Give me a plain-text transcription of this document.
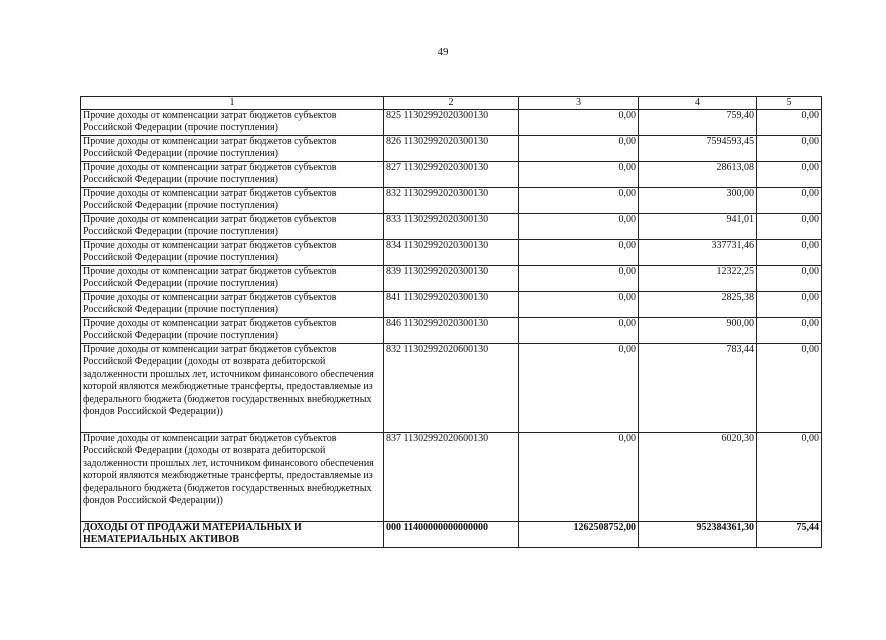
49
1	2	3	4	5
Прочие доходы от компенсации затрат бюджетов субъектов Российской Федерации (прочие поступления)	825 11302992020300130	0,00	759,40	0,00
Прочие доходы от компенсации затрат бюджетов субъектов Российской Федерации (прочие поступления)	826 11302992020300130	0,00	7594593,45	0,00
Прочие доходы от компенсации затрат бюджетов субъектов Российской Федерации (прочие поступления)	827 11302992020300130	0,00	28613,08	0,00
Прочие доходы от компенсации затрат бюджетов субъектов Российской Федерации (прочие поступления)	832 11302992020300130	0,00	300,00	0,00
Прочие доходы от компенсации затрат бюджетов субъектов Российской Федерации (прочие поступления)	833 11302992020300130	0,00	941,01	0,00
Прочие доходы от компенсации затрат бюджетов субъектов Российской Федерации (прочие поступления)	834 11302992020300130	0,00	337731,46	0,00
Прочие доходы от компенсации затрат бюджетов субъектов Российской Федерации (прочие поступления)	839 11302992020300130	0,00	12322,25	0,00
Прочие доходы от компенсации затрат бюджетов субъектов Российской Федерации (прочие поступления)	841 11302992020300130	0,00	2825,38	0,00
Прочие доходы от компенсации затрат бюджетов субъектов Российской Федерации (прочие поступления)	846 11302992020300130	0,00	900,00	0,00
Прочие доходы от компенсации затрат бюджетов субъектов Российской Федерации (доходы от возврата дебиторской задолженности прошлых лет, источником финансового обеспечения которой являются межбюджетные трансферты, предоставляемые из федерального бюджета (бюджетов государственных внебюджетных фондов Российской Федерации))	832 11302992020600130	0,00	783,44	0,00
Прочие доходы от компенсации затрат бюджетов субъектов Российской Федерации (доходы от возврата дебиторской задолженности прошлых лет, источником финансового обеспечения которой являются межбюджетные трансферты, предоставляемые из федерального бюджета (бюджетов государственных внебюджетных фондов Российской Федерации))	837 11302992020600130	0,00	6020,30	0,00
ДОХОДЫ ОТ ПРОДАЖИ МАТЕРИАЛЬНЫХ И НЕМАТЕРИАЛЬНЫХ АКТИВОВ	000 11400000000000000	1262508752,00	952384361,30	75,44
